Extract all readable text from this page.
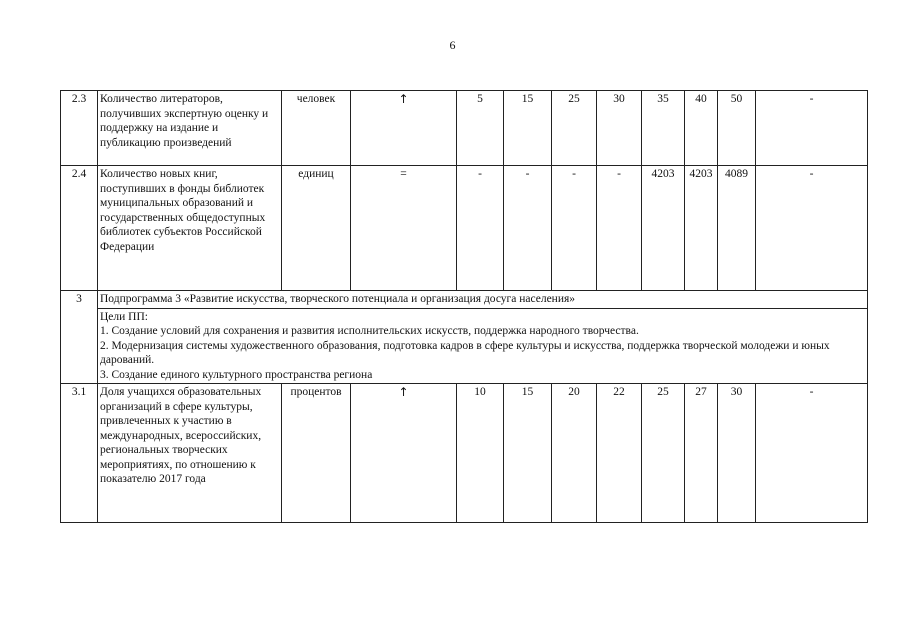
6
2.3	Количество литераторов, получивших экспертную оценку и поддержку на издание и публикацию произведений	человек	↑	5	15	25	30	35	40	50	-
2.4	Количество новых книг, поступивших в фонды библиотек муниципальных образований и государственных общедоступных библиотек субъектов Российской Федерации	единиц	=	-	-	-	-	4203	4203	4089	-
3	Подпрограмма 3 «Развитие искусства, творческого потенциала и организация досуга населения»										

	Цели ПП:
1. Создание условий для сохранения и развития исполнительских искусств, поддержка народного творчества.
2. Модернизация системы художественного образования, подготовка кадров в сфере культуры и искусства, поддержка творческой молодежи и юных дарований.
3. Создание единого культурного пространства региона										

3.1	Доля учащихся образовательных организаций в сфере культуры, привлеченных к участию в международных, всероссийских, региональных творческих мероприятиях, по отношению к показателю 2017 года	процентов	↑	10	15	20	22	25	27	30	-
